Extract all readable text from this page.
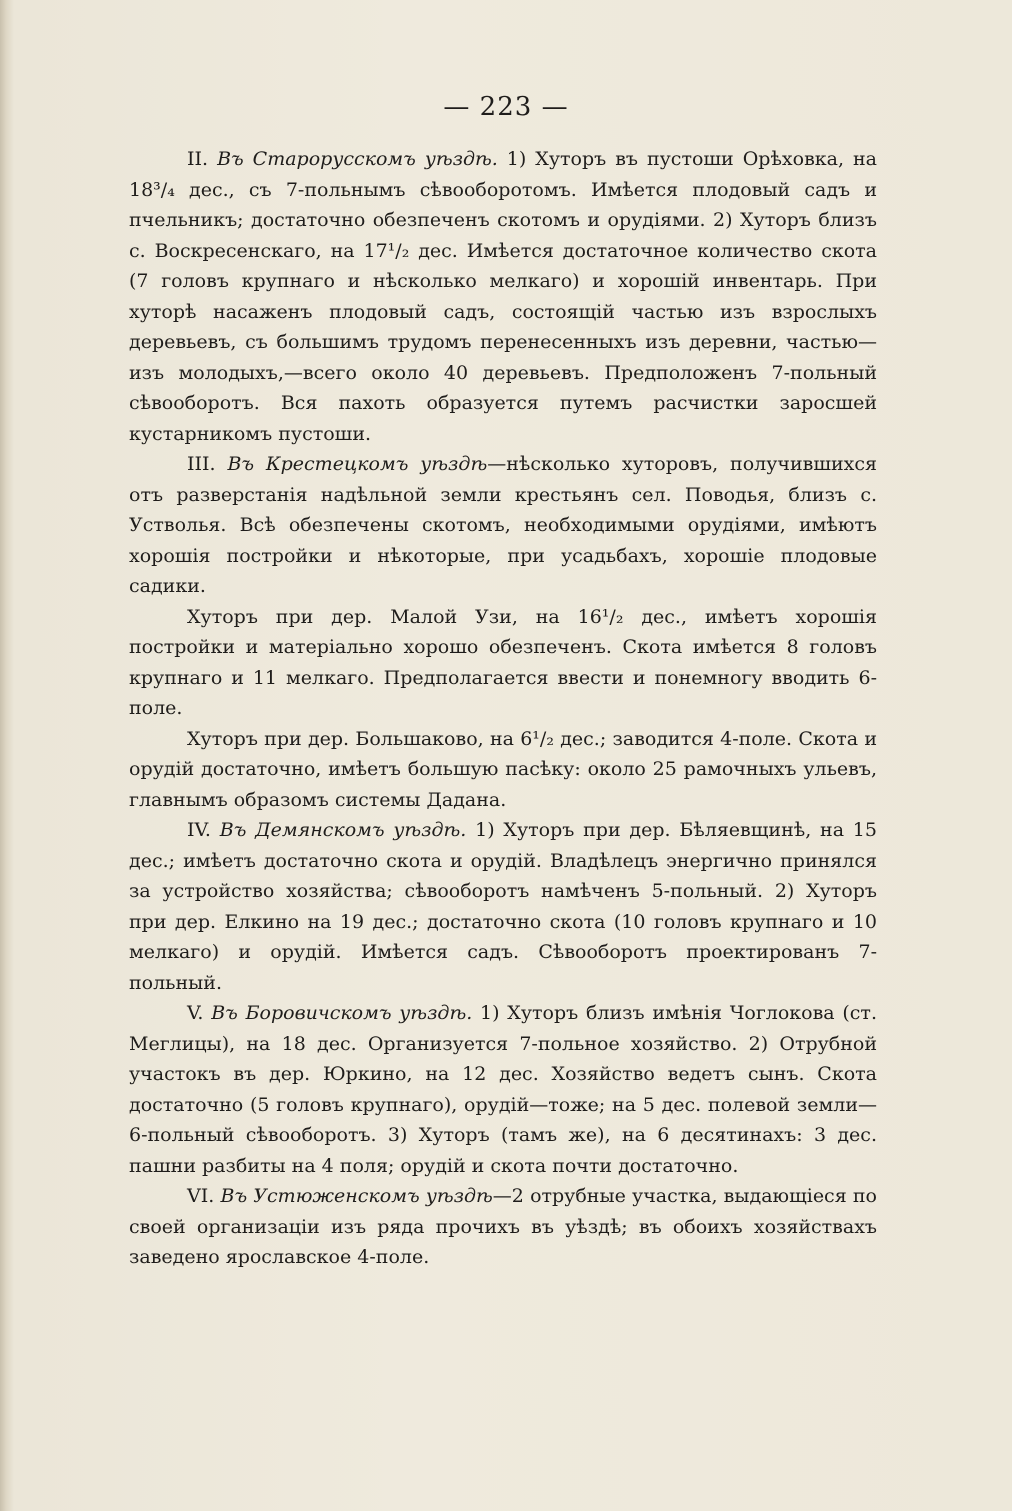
— 223 —

II. Въ Старорусскомъ уѣздѣ. 1) Хуторъ въ пустоши Орѣховка, на 18³/₄ дес., съ 7-польнымъ сѣвооборотомъ. Имѣется плодовый садъ и пчельникъ; достаточно обезпеченъ скотомъ и орудiями. 2) Хуторъ близъ с. Воскресенскаго, на 17¹/₂ дес. Имѣется достаточное количество скота (7 головъ крупнаго и нѣсколько мелкаго) и хорошiй инвентарь. При хуторѣ насаженъ плодовый садъ, состоящiй частью изъ взрослыхъ деревьевъ, съ большимъ трудомъ перенесенныхъ изъ деревни, частью—изъ молодыхъ,—всего около 40 деревьевъ. Предположенъ 7-польный сѣвооборотъ. Вся пахоть образуется путемъ расчистки заросшей кустарникомъ пустоши.

III. Въ Крестецкомъ уѣздѣ—нѣсколько хуторовъ, получившихся отъ разверстанiя надѣльной земли крестьянъ сел. Поводья, близъ с. Устволья. Всѣ обезпечены скотомъ, необходимыми орудiями, имѣютъ хорошiя постройки и нѣкоторые, при усадьбахъ, хорошiе плодовые садики.

Хуторъ при дер. Малой Узи, на 16¹/₂ дес., имѣетъ хорошiя постройки и матерiально хорошо обезпеченъ. Скота имѣется 8 головъ крупнаго и 11 мелкаго. Предполагается ввести и понемногу вводить 6-поле.

Хуторъ при дер. Большаково, на 6¹/₂ дес.; заводится 4-поле. Скота и орудiй достаточно, имѣетъ большую пасѣку: около 25 рамочныхъ ульевъ, главнымъ образомъ системы Дадана.

IV. Въ Демянскомъ уѣздѣ. 1) Хуторъ при дер. Бѣляевщинѣ, на 15 дес.; имѣетъ достаточно скота и орудiй. Владѣлецъ энергично принялся за устройство хозяйства; сѣвооборотъ намѣченъ 5-польный. 2) Хуторъ при дер. Елкино на 19 дес.; достаточно скота (10 головъ крупнаго и 10 мелкаго) и орудiй. Имѣется садъ. Сѣвооборотъ проектированъ 7-польный.

V. Въ Боровичскомъ уѣздѣ. 1) Хуторъ близъ имѣнiя Чоглокова (ст. Меглицы), на 18 дес. Организуется 7-польное хозяйство. 2) Отрубной участокъ въ дер. Юркино, на 12 дес. Хозяйство ведетъ сынъ. Скота достаточно (5 головъ крупнаго), орудiй—тоже; на 5 дес. полевой земли—6-польный сѣвооборотъ. 3) Хуторъ (тамъ же), на 6 десятинахъ: 3 дес. пашни разбиты на 4 поля; орудiй и скота почти достаточно.

VI. Въ Устюженскомъ уѣздѣ—2 отрубные участка, выдающiеся по своей организацiи изъ ряда прочихъ въ уѣздѣ; въ обоихъ хозяйствахъ заведено ярославское 4-поле.
